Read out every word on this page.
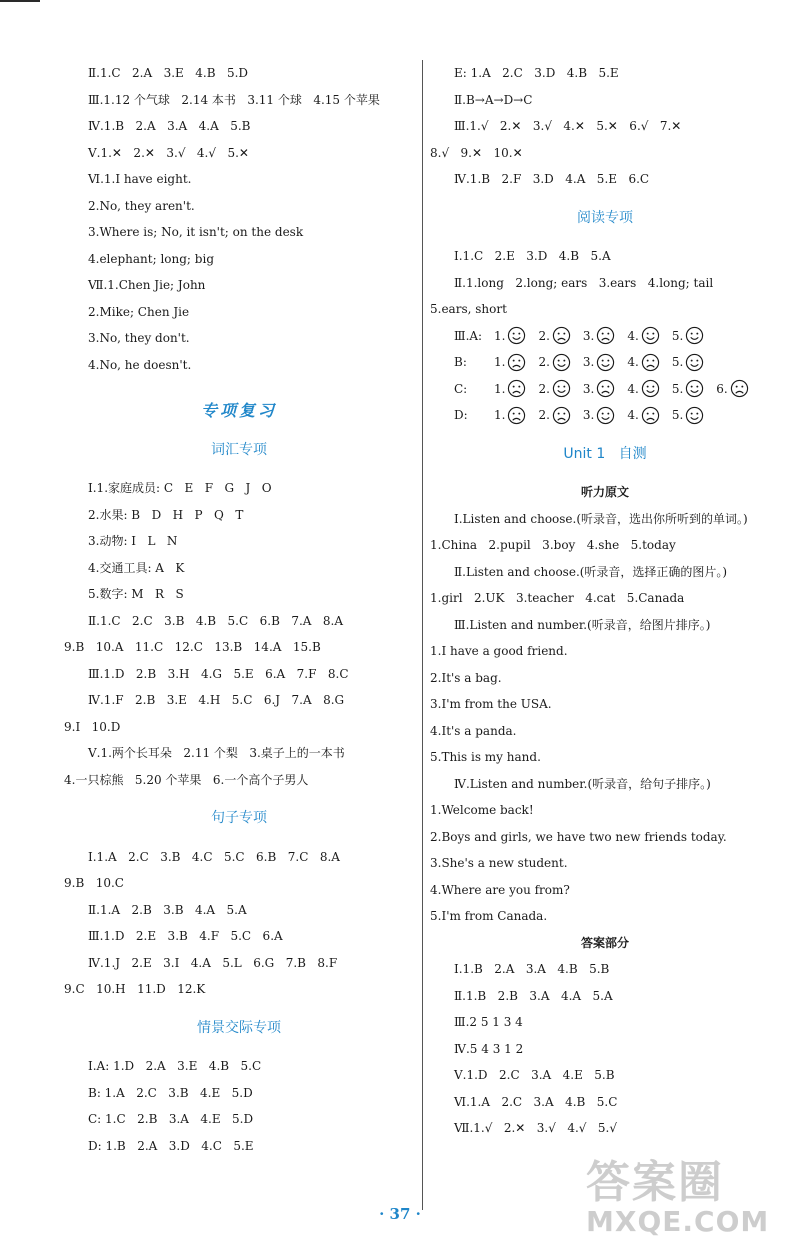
Ⅱ.1.C   2.A   3.E   4.B   5.D
Ⅲ.1.12 个气球   2.14 本书   3.11 个球   4.15 个苹果
Ⅳ.1.B   2.A   3.A   4.A   5.B
Ⅴ.1.✕   2.✕   3.√   4.√   5.✕
Ⅵ.1.I have eight.
2.No, they aren't.
3.Where is; No, it isn't; on the desk
4.elephant; long; big
Ⅶ.1.Chen Jie; John
2.Mike; Chen Jie
3.No, they don't.
4.No, he doesn't.
专项复习
词汇专项
Ⅰ.1.家庭成员: C   E   F   G   J   O
2.水果: B   D   H   P   Q   T
3.动物: I   L   N
4.交通工具: A   K
5.数字: M   R   S
Ⅱ.1.C   2.C   3.B   4.B   5.C   6.B   7.A   8.A
9.B   10.A   11.C   12.C   13.B   14.A   15.B
Ⅲ.1.D   2.B   3.H   4.G   5.E   6.A   7.F   8.C
Ⅳ.1.F   2.B   3.E   4.H   5.C   6.J   7.A   8.G
9.I   10.D
Ⅴ.1.两个长耳朵   2.11 个梨   3.桌子上的一本书
4.一只棕熊   5.20 个苹果   6.一个高个子男人
句子专项
Ⅰ.1.A   2.C   3.B   4.C   5.C   6.B   7.C   8.A
9.B   10.C
Ⅱ.1.A   2.B   3.B   4.A   5.A
Ⅲ.1.D   2.E   3.B   4.F   5.C   6.A
Ⅳ.1.J   2.E   3.I   4.A   5.L   6.G   7.B   8.F
9.C   10.H   11.D   12.K
情景交际专项
Ⅰ.A: 1.D   2.A   3.E   4.B   5.C
B: 1.A   2.C   3.B   4.E   5.D
C: 1.C   2.B   3.A   4.E   5.D
D: 1.B   2.A   3.D   4.C   5.E
E: 1.A   2.C   3.D   4.B   5.E
Ⅱ.B→A→D→C
Ⅲ.1.√   2.✕   3.√   4.✕   5.✕   6.√   7.✕
8.√   9.✕   10.✕
Ⅳ.1.B   2.F   3.D   4.A   5.E   6.C
阅读专项
Ⅰ.1.C   2.E   3.D   4.B   5.A
Ⅱ.1.long   2.long; ears   3.ears   4.long; tail
5.ears, short
Ⅲ.A: 1.	2.	3.	4.	5.
B:	1.	2.	3.	4.	5.
C:	1.	2.	3.	4.	5.	6.
D:	1.	2.	3.	4.	5.
Unit 1   自测
听力原文
Ⅰ.Listen and choose.(听录音，选出你所听到的单词。)
1.China   2.pupil   3.boy   4.she   5.today
Ⅱ.Listen and choose.(听录音，选择正确的图片。)
1.girl   2.UK   3.teacher   4.cat   5.Canada
Ⅲ.Listen and number.(听录音，给图片排序。)
1.I have a good friend.
2.It's a bag.
3.I'm from the USA.
4.It's a panda.
5.This is my hand.
Ⅳ.Listen and number.(听录音，给句子排序。)
1.Welcome back!
2.Boys and girls, we have two new friends today.
3.She's a new student.
4.Where are you from?
5.I'm from Canada.
答案部分
Ⅰ.1.B   2.A   3.A   4.B   5.B
Ⅱ.1.B   2.B   3.A   4.A   5.A
Ⅲ.2 5 1 3 4
Ⅳ.5 4 3 1 2
Ⅴ.1.D   2.C   3.A   4.E   5.B
Ⅵ.1.A   2.C   3.A   4.B   5.C
Ⅶ.1.√   2.✕   3.√   4.√   5.√
· 37 ·
答案圈
MXQE.COM
